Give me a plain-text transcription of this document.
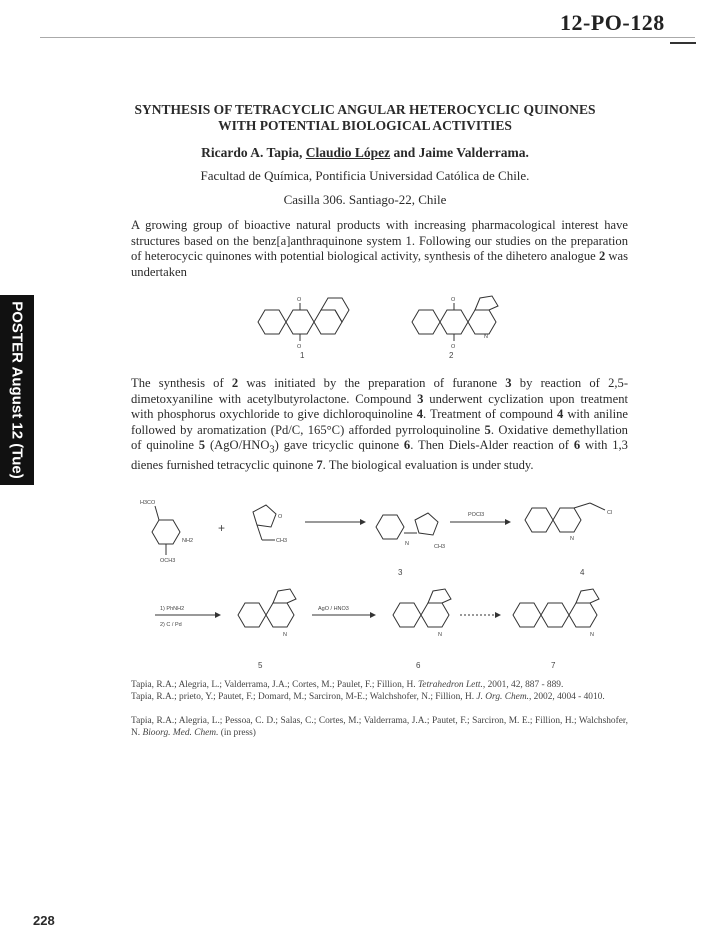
12-PO-128
POSTER August 12 (Tue)
SYNTHESIS OF TETRACYCLIC ANGULAR HETEROCYCLIC QUINONES
WITH POTENTIAL BIOLOGICAL ACTIVITIES
Ricardo A. Tapia, Claudio López and Jaime Valderrama.
Facultad de Química, Pontificia Universidad Católica de Chile.
Casilla 306. Santiago-22, Chile
A growing group of bioactive natural products with increasing pharmacological interest have structures based on the benz[a]anthraquinone system 1. Following our studies on the preparation of heterocycic quinones with potential biological activity, synthesis of the dihetero analogue 2 was undertaken
The synthesis of 2 was initiated by the preparation of furanone 3 by reaction of 2,5-dimetoxyaniline with acetylbutyrolactone. Compound 3 underwent cyclization upon treatment with phosphorus oxychloride to give dichloroquinoline 4. Treatment of compound 4 with aniline followed by aromatization (Pd/C, 165°C) afforded pyrroloquinoline 5. Oxidative demethyllation of quinoline 5 $(AgO/HNO_3)$ gave tricyclic quinone 6. Then Diels-Alder reaction of 6 with 1,3 dienes furnished tetracyclic quinone 7. The biological evaluation is under study.
O
O
1
O
O
N
2
H3CO
NH2
OCH3
+
O
CH3	N	CH3
3
POCl3	Cl
N
4
1) PhNH2
2) C / Pd
N
5
AgO / HNO3
N
6
N
7
Tapia, R.A.; Alegria, L.; Valderrama, J.A.; Cortes, M.; Paulet, F.; Fillion, H. Tetrahedron Lett., 2001, 42, 887 - 889.
Tapia, R.A.; prieto, Y.; Pautet, F.; Domard, M.; Sarciron, M-E.; Walchshofer, N.; Fillion, H. J. Org. Chem., 2002, 4004 - 4010.
Tapia, R.A.; Alegria, L.; Pessoa, C. D.; Salas, C.; Cortes, M.; Valderrama, J.A.; Pautet, F.; Sarciron, M. E.; Fillion, H.; Walchshofer, N. Bioorg. Med. Chem. (in press)
228
